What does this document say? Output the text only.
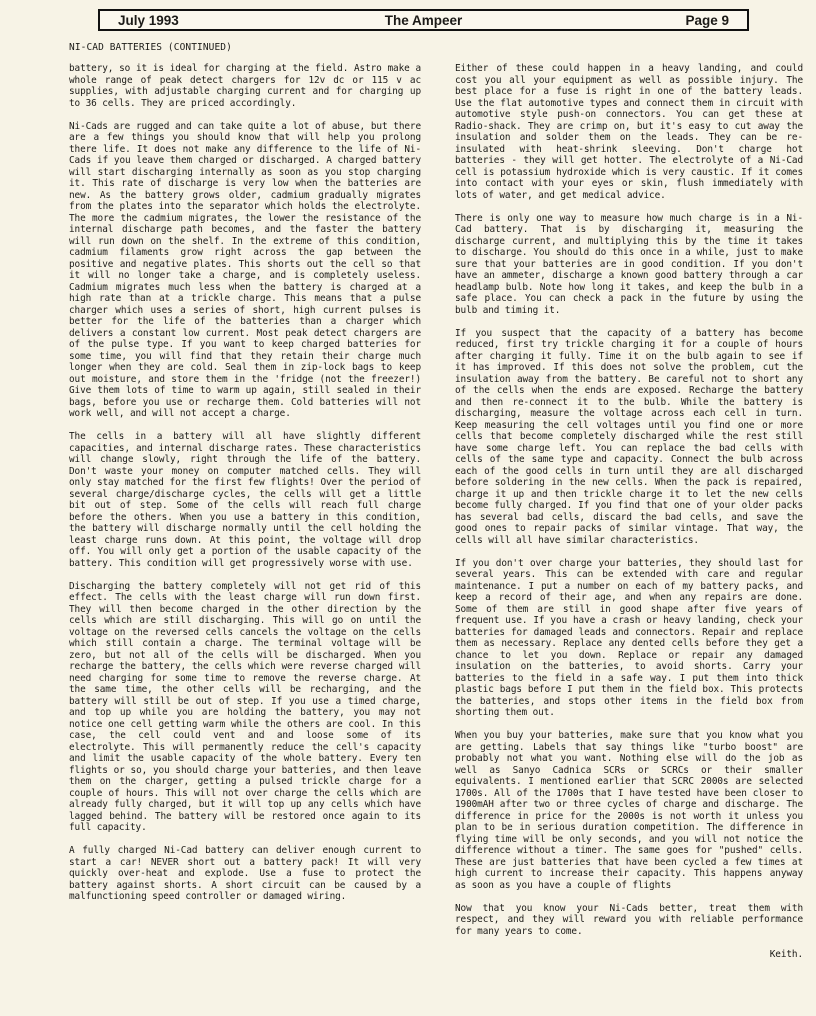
July 1993	The Ampeer	Page 9
NI-CAD BATTERIES (CONTINUED)

battery, so it is ideal for charging at the field. Astro make a whole range of peak detect chargers for 12v dc or 115 v ac supplies, with adjustable charging current and for charging up to 36 cells. They are priced accordingly.

Ni-Cads are rugged and can take quite a lot of abuse, but there are a few things you should know that will help you prolong there life. It does not make any difference to the life of Ni-Cads if you leave them charged or discharged. A charged battery will start discharging internally as soon as you stop charging it. This rate of discharge is very low when the batteries are new. As the battery grows older, cadmium gradually migrates from the plates into the separator which holds the electrolyte. The more the cadmium migrates, the lower the resistance of the internal discharge path becomes, and the faster the battery will run down on the shelf. In the extreme of this condition, cadmium filaments grow right across the gap between the positive and negative plates. This shorts out the cell so that it will no longer take a charge, and is completely useless. Cadmium migrates much less when the battery is charged at a high rate than at a trickle charge. This means that a pulse charger which uses a series of short, high current pulses is better for the life of the batteries than a charger which delivers a constant low current. Most peak detect chargers are of the pulse type. If you want to keep charged batteries for some time, you will find that they retain their charge much longer when they are cold. Seal them in zip-lock bags to keep out moisture, and store them in the 'fridge (not the freezer!) Give them lots of time to warm up again, still sealed in their bags, before you use or recharge them. Cold batteries will not work well, and will not accept a charge.

The cells in a battery will all have slightly different capacities, and internal discharge rates. These characteristics will change slowly, right through the life of the battery. Don't waste your money on computer matched cells. They will only stay matched for the first few flights! Over the period of several charge/discharge cycles, the cells will get a little bit out of step. Some of the cells will reach full charge before the others. When you use a battery in this condition, the battery will discharge normally until the cell holding the least charge runs down. At this point, the voltage will drop off. You will only get a portion of the usable capacity of the battery. This condition will get progressively worse with use.

Discharging the battery completely will not get rid of this effect. The cells with the least charge will run down first. They will then become charged in the other direction by the cells which are still discharging. This will go on until the voltage on the reversed cells cancels the voltage on the cells which still contain a charge. The terminal voltage will be zero, but not all of the cells will be discharged. When you recharge the battery, the cells which were reverse charged will need charging for some time to remove the reverse charge. At the same time, the other cells will be recharging, and the battery will still be out of step. If you use a timed charge, and top up while you are holding the battery, you may not notice one cell getting warm while the others are cool. In this case, the cell could vent and and loose some of its electrolyte. This will permanently reduce the cell's capacity and limit the usable capacity of the whole battery. Every ten flights or so, you should charge your batteries, and then leave them on the charger, getting a pulsed trickle charge for a couple of hours. This will not over charge the cells which are already fully charged, but it will top up any cells which have lagged behind. The battery will be restored once again to its full capacity.

A fully charged Ni-Cad battery can deliver enough current to start a car! NEVER short out a battery pack! It will very quickly over-heat and explode. Use a fuse to protect the battery against shorts. A short circuit can be caused by a malfunctioning speed controller or damaged wiring.

Either of these could happen in a heavy landing, and could cost you all your equipment as well as possible injury. The best place for a fuse is right in one of the battery leads. Use the flat automotive types and connect them in circuit with automotive style push-on connectors. You can get these at Radio-shack. They are crimp on, but it's easy to cut away the insulation and solder them on the leads. They can be re-insulated with heat-shrink sleeving. Don't charge hot batteries - they will get hotter. The electrolyte of a Ni-Cad cell is potassium hydroxide which is very caustic. If it comes into contact with your eyes or skin, flush immediately with lots of water, and get medical advice.

There is only one way to measure how much charge is in a Ni-Cad battery. That is by discharging it, measuring the discharge current, and multiplying this by the time it takes to discharge. You should do this once in a while, just to make sure that your batteries are in good condition. If you don't have an ammeter, discharge a known good battery through a car headlamp bulb. Note how long it takes, and keep the bulb in a safe place. You can check a pack in the future by using the bulb and timing it.

If you suspect that the capacity of a battery has become reduced, first try trickle charging it for a couple of hours after charging it fully. Time it on the bulb again to see if it has improved. If this does not solve the problem, cut the insulation away from the battery. Be careful not to short any of the cells when the ends are exposed. Recharge the battery and then re-connect it to the bulb. While the battery is discharging, measure the voltage across each cell in turn. Keep measuring the cell voltages until you find one or more cells that become completely discharged while the rest still have some charge left. You can replace the bad cells with cells of the same type and capacity. Connect the bulb across each of the good cells in turn until they are all discharged before soldering in the new cells. When the pack is repaired, charge it up and then trickle charge it to let the new cells become fully charged. If you find that one of your older packs has several bad cells, discard the bad cells, and save the good ones to repair packs of similar vintage. That way, the cells will all have similar characteristics.

If you don't over charge your batteries, they should last for several years. This can be extended with care and regular maintenance. I put a number on each of my battery packs, and keep a record of their age, and when any repairs are done. Some of them are still in good shape after five years of frequent use. If you have a crash or heavy landing, check your batteries for damaged leads and connectors. Repair and replace them as necessary. Replace any dented cells before they get a chance to let you down. Replace or repair any damaged insulation on the batteries, to avoid shorts. Carry your batteries to the field in a safe way. I put them into thick plastic bags before I put them in the field box. This protects the batteries, and stops other items in the field box from shorting them out.

When you buy your batteries, make sure that you know what you are getting. Labels that say things like "turbo boost" are probably not what you want. Nothing else will do the job as well as Sanyo Cadnica SCRs or SCRCs or their smaller equivalents. I mentioned earlier that SCRC 2000s are selected 1700s. All of the 1700s that I have tested have been closer to 1900mAH after two or three cycles of charge and discharge. The difference in price for the 2000s is not worth it unless you plan to be in serious duration competition. The difference in flying time will be only seconds, and you will not notice the difference without a timer. The same goes for "pushed" cells. These are just batteries that have been cycled a few times at high current to increase their capacity. This happens anyway as soon as you have a couple of flights

Now that you know your Ni-Cads better, treat them with respect, and they will reward you with reliable performance for many years to come.

Keith.
